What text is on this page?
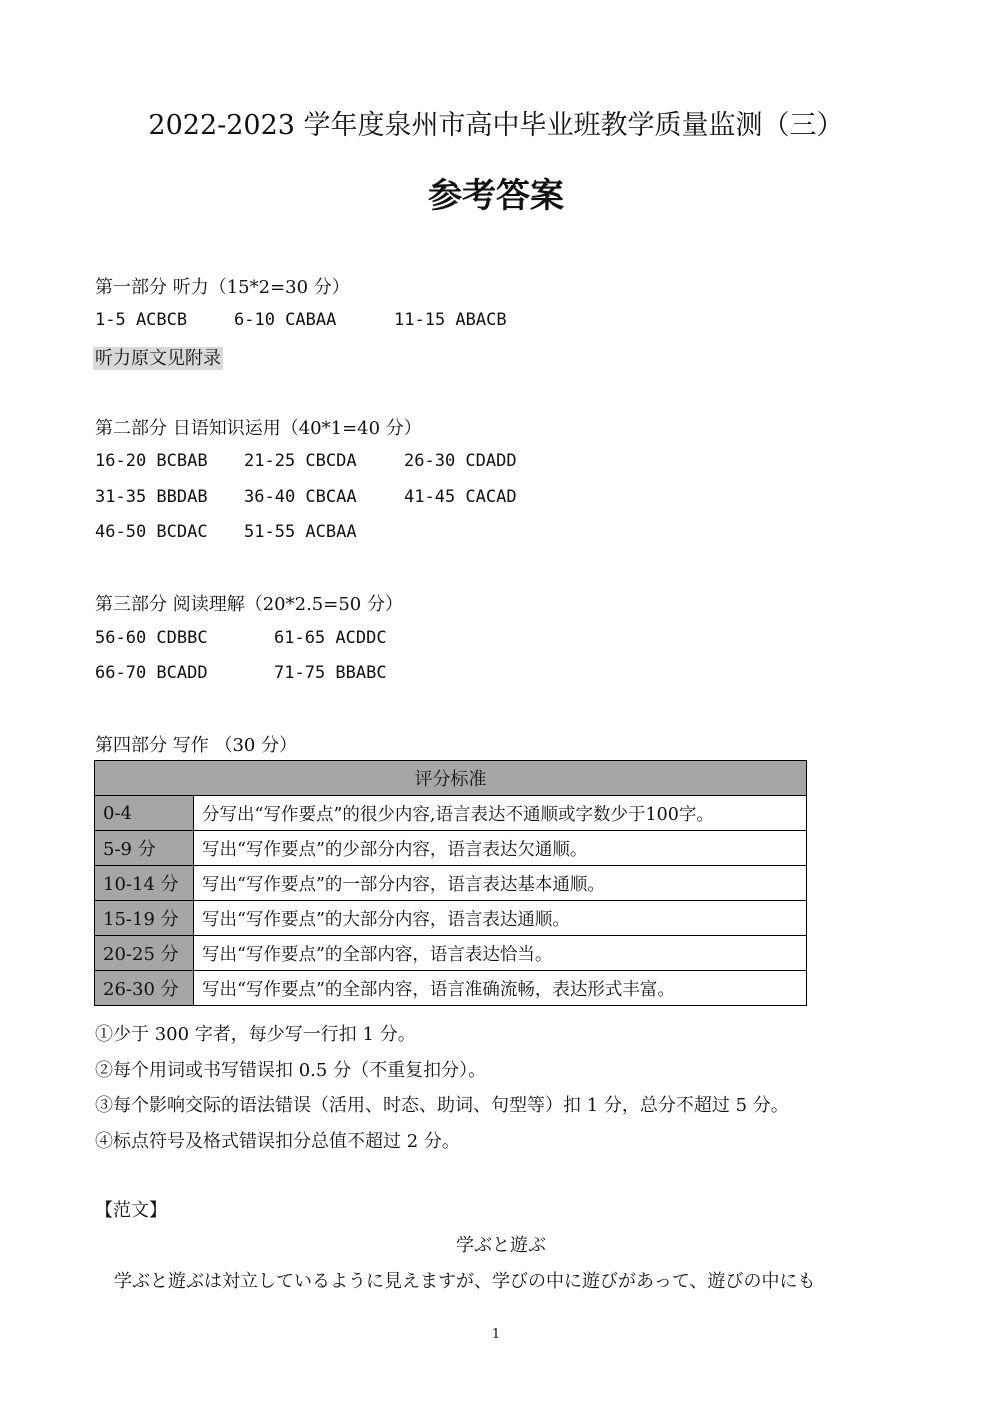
2022-2023 学年度泉州市高中毕业班教学质量监测（三）
参考答案
第一部分 听力（15*2=30 分）
1-5 ACBCB	6-10 CABAA	11-15 ABACB
听力原文见附录
第二部分 日语知识运用（40*1=40 分）
16-20 BCBAB 21-25 CBCDA	26-30 CDADD
31-35 BBDAB 36-40 CBCAA	41-45 CACAD
46-50 BCDAC 51-55 ACBAA
第三部分 阅读理解（20*2.5=50 分）
56-60 CDBBC	61-65 ACDDC
66-70 BCADD	71-75 BBABC
第四部分 写作 （30 分）
评分标准	
0-4	分写出“写作要点”的很少内容,语言表达不通顺或字数少于100字。
5-9 分	写出“写作要点”的少部分内容，语言表达欠通顺。
10-14 分	写出“写作要点”的一部分内容，语言表达基本通顺。
15-19 分	写出“写作要点”的大部分内容，语言表达通顺。
20-25 分	写出“写作要点”的全部内容，语言表达恰当。
26-30 分	写出“写作要点”的全部内容，语言准确流畅，表达形式丰富。
①少于 300 字者，每少写一行扣 1 分。
②每个用词或书写错误扣 0.5 分（不重复扣分）。
③每个影响交际的语法错误（活用、时态、助词、句型等）扣 1 分，总分不超过 5 分。
④标点符号及格式错误扣分总值不超过 2 分。
【范文】
学ぶと遊ぶ
学ぶと遊ぶは対立しているように見えますが、学びの中に遊びがあって、遊びの中にも
1
